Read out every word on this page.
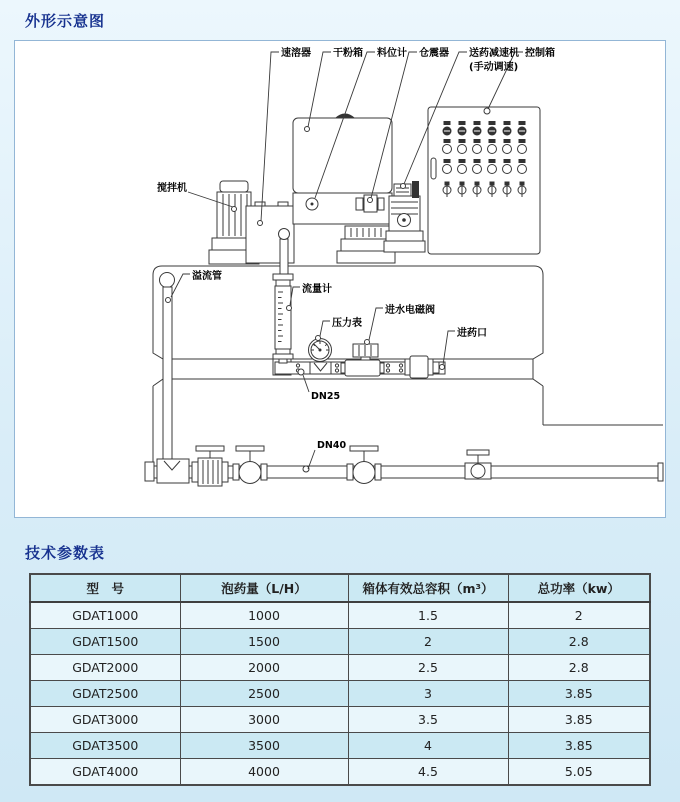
外形示意图
速溶器 干粉箱 料位计 仓震器 送药减速机
(手动调速)
控制箱
搅拌机
溢流管
流量计
压力表
进水电磁阀
进药口
DN25
DN40
技术参数表
型　号	泡药量（L/H）	箱体有效总容积（m³）	总功率（kw）
GDAT1000	1000	1.5	2
GDAT1500	1500	2	2.8
GDAT2000	2000	2.5	2.8
GDAT2500	2500	3	3.85
GDAT3000	3000	3.5	3.85
GDAT3500	3500	4	3.85
GDAT4000	4000	4.5	5.05
